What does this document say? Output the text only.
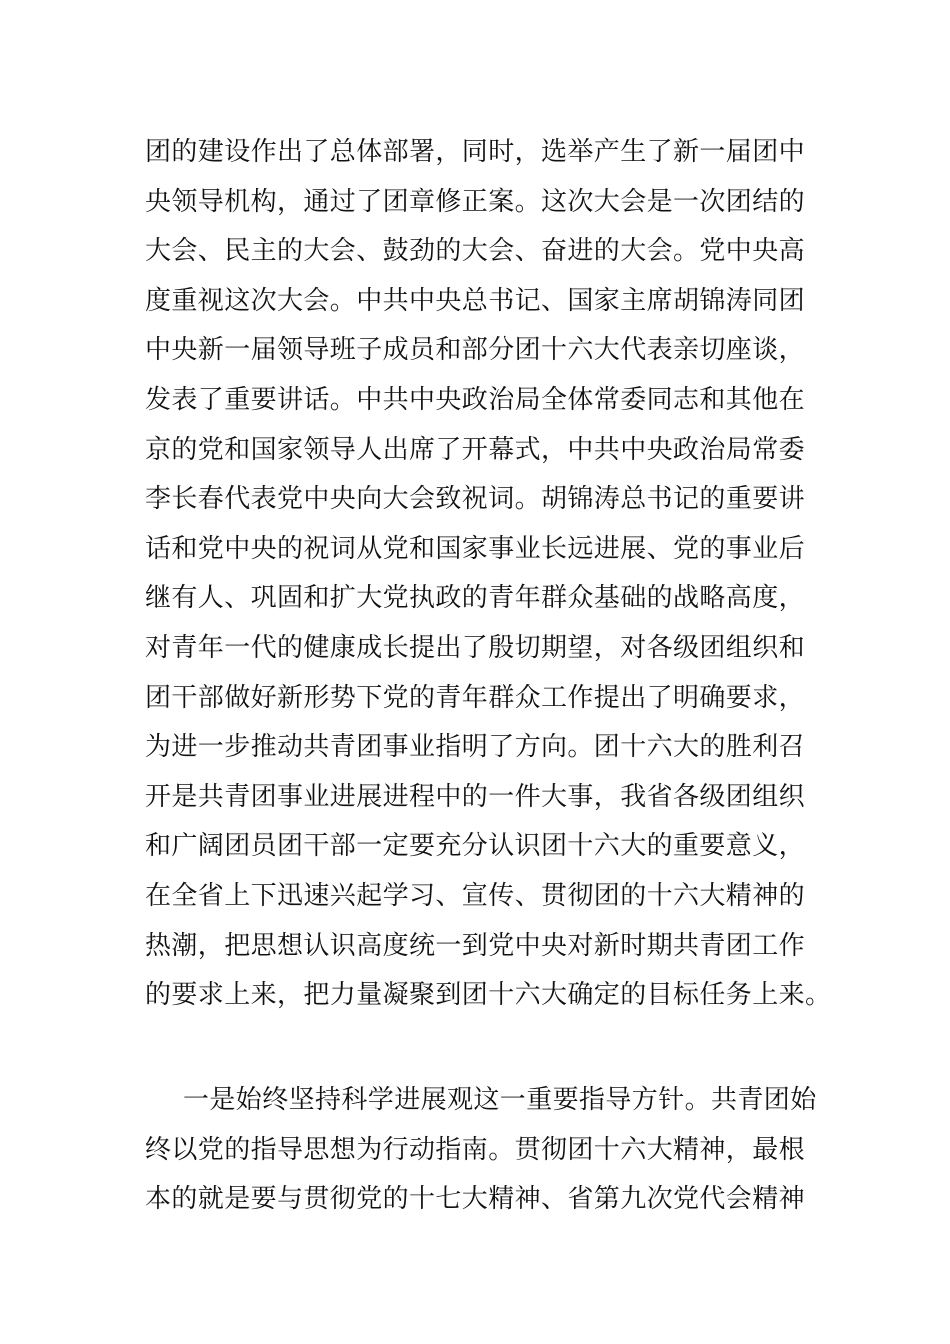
团的建设作出了总体部署，同时，选举产生了新一届团中
央领导机构，通过了团章修正案。这次大会是一次团结的
大会、民主的大会、鼓劲的大会、奋进的大会。党中央高
度重视这次大会。中共中央总书记、国家主席胡锦涛同团
中央新一届领导班子成员和部分团十六大代表亲切座谈，
发表了重要讲话。中共中央政治局全体常委同志和其他在
京的党和国家领导人出席了开幕式，中共中央政治局常委
李长春代表党中央向大会致祝词。胡锦涛总书记的重要讲
话和党中央的祝词从党和国家事业长远进展、党的事业后
继有人、巩固和扩大党执政的青年群众基础的战略高度，
对青年一代的健康成长提出了殷切期望，对各级团组织和
团干部做好新形势下党的青年群众工作提出了明确要求，
为进一步推动共青团事业指明了方向。团十六大的胜利召
开是共青团事业进展进程中的一件大事，我省各级团组织
和广阔团员团干部一定要充分认识团十六大的重要意义，
在全省上下迅速兴起学习、宣传、贯彻团的十六大精神的
热潮，把思想认识高度统一到党中央对新时期共青团工作
的要求上来，把力量凝聚到团十六大确定的目标任务上来。
一是始终坚持科学进展观这一重要指导方针。共青团始
终以党的指导思想为行动指南。贯彻团十六大精神，最根
本的就是要与贯彻党的十七大精神、省第九次党代会精神
